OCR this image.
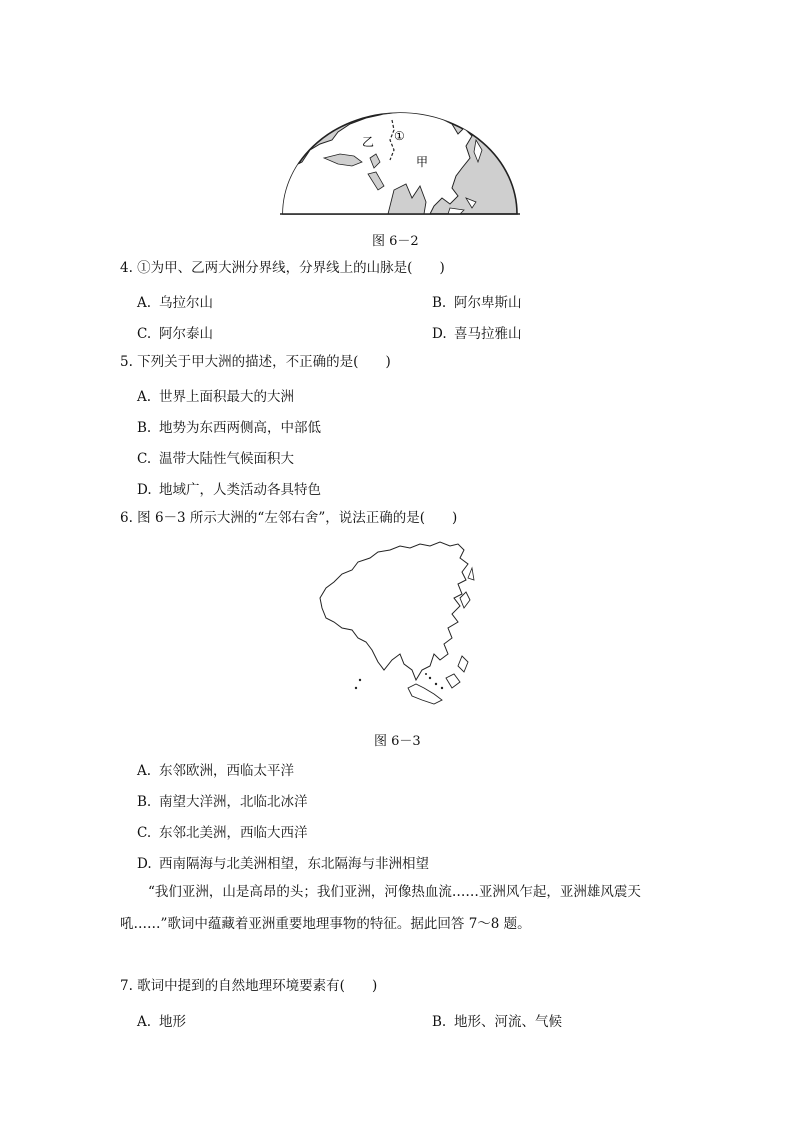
乙 ①
甲
图 6－2
4. ①为甲、乙两大洲分界线，分界线上的山脉是(　　)
A. 乌拉尔山	B. 阿尔卑斯山
C. 阿尔泰山	D. 喜马拉雅山
5. 下列关于甲大洲的描述，不正确的是(　　)
A. 世界上面积最大的大洲
B. 地势为东西两侧高，中部低
C. 温带大陆性气候面积大
D. 地域广，人类活动各具特色
6. 图 6－3 所示大洲的“左邻右舍”，说法正确的是(　　)
图 6－3
A. 东邻欧洲，西临太平洋
B. 南望大洋洲，北临北冰洋
C. 东邻北美洲，西临大西洋
D. 西南隔海与北美洲相望，东北隔海与非洲相望
“我们亚洲，山是高昂的头；我们亚洲，河像热血流……亚洲风乍起，亚洲雄风震天
吼……”歌词中蕴藏着亚洲重要地理事物的特征。据此回答 7～8 题。
7. 歌词中提到的自然地理环境要素有(　　)
A. 地形	B. 地形、河流、气候
